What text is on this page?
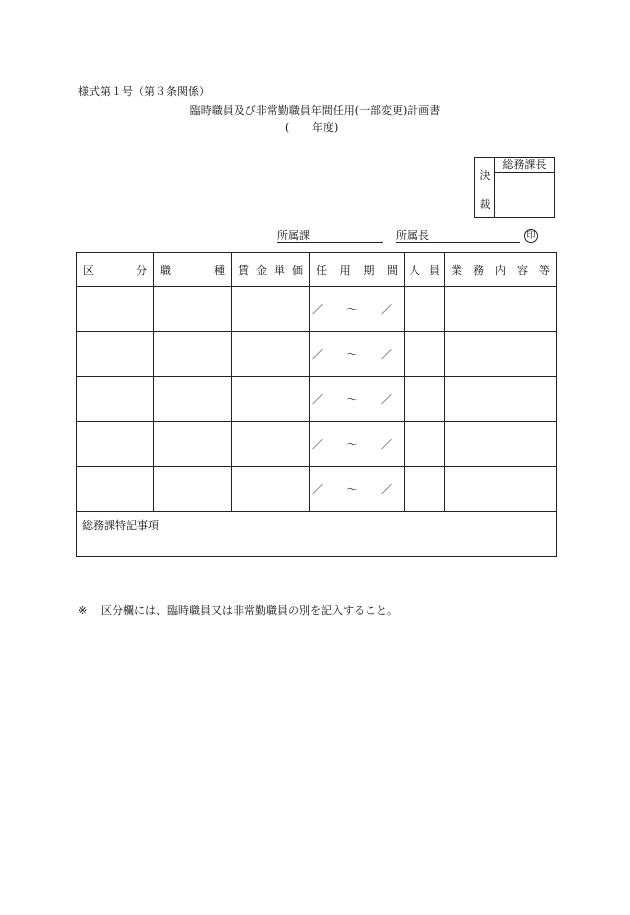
様式第１号（第３条関係）
臨時職員及び非常勤職員年間任用(一部変更)計画書
( 年度)
決
裁
総務課長
所属課	所属長	印
区 分	職 種	賃 金 単 価	任 用 期 間	人 員	業 務 内 容 等

			／ ～ ／		
			／ ～ ／		
			／ ～ ／		
			／ ～ ／		
			／ ～ ／		

総務課特記事項					
※ 区分欄には、臨時職員又は非常勤職員の別を記入すること。
